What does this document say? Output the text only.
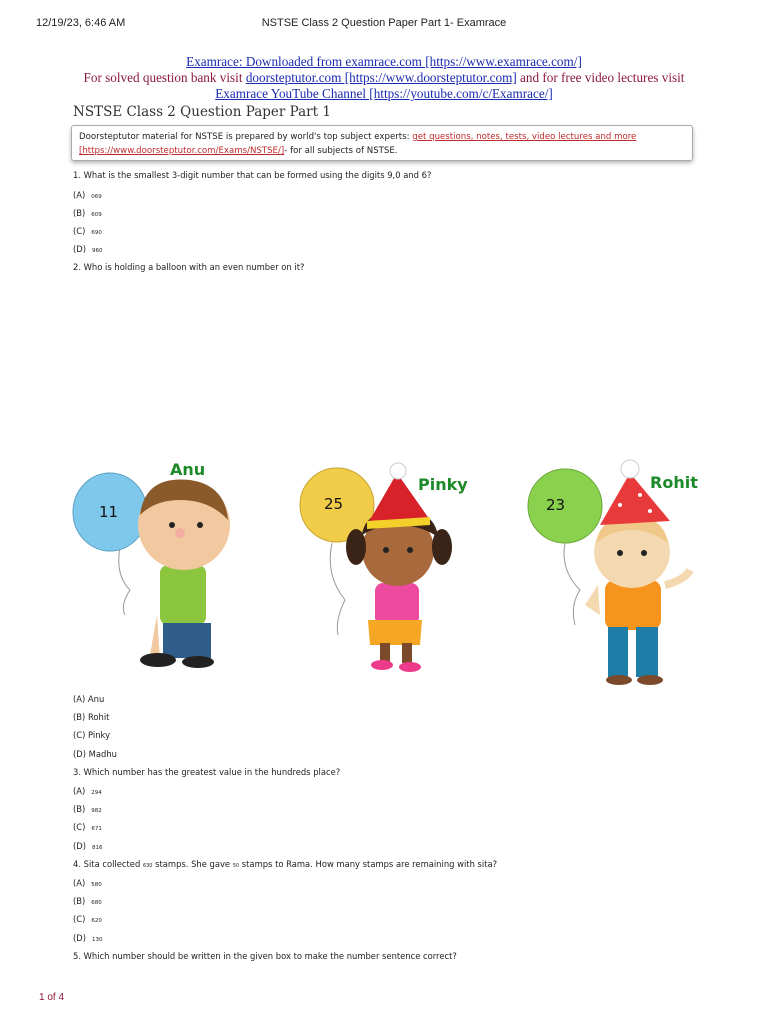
12/19/23, 6:46 AM	NSTSE Class 2 Question Paper Part 1- Examrace
Examrace: Downloaded from examrace.com [https://www.examrace.com/]
For solved question bank visit doorsteptutor.com [https://www.doorsteptutor.com] and for free video lectures visit
Examrace YouTube Channel [https://youtube.com/c/Examrace/]
NSTSE Class 2 Question Paper Part 1
Doorsteptutor material for NSTSE is prepared by world's top subject experts: get questions, notes, tests, video lectures and more
[https://www.doorsteptutor.com/Exams/NSTSE/]- for all subjects of NSTSE.
1. What is the smallest 3-digit number that can be formed using the digits 9,0 and 6?
(A) 069
(B) 609
(C) 690
(D) 960
2. Who is holding a balloon with an even number on it?
Anu
11
Pinky
25
Rohit
23
(A) Anu
(B) Rohit
(C) Pinky
(D) Madhu
3. Which number has the greatest value in the hundreds place?
(A) 294
(B) 982
(C) 671
(D) 816
4. Sita collected 630 stamps. She gave 50 stamps to Rama. How many stamps are remaining with sita?
(A) 580
(B) 680
(C) 620
(D) 130
5. Which number should be written in the given box to make the number sentence correct?
1 of 4
